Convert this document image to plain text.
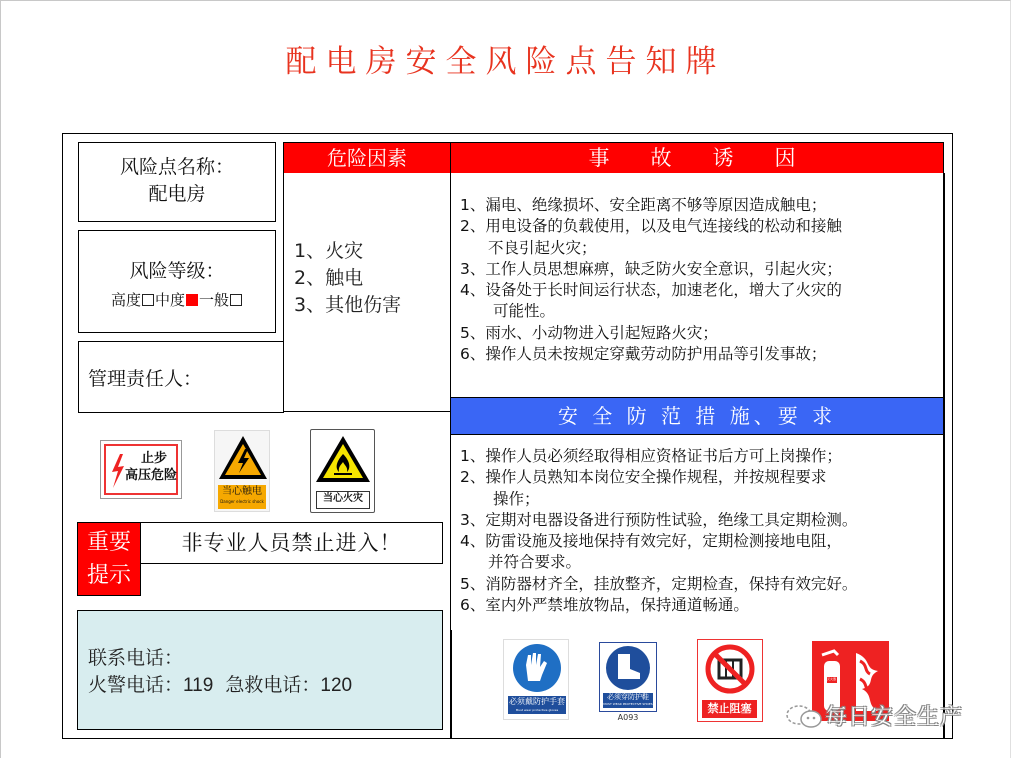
配电房安全风险点告知牌
风险点名称：
配电房
风险等级：
高度 中度 一般
管理责任人：
危险因素
1、火灾
2、触电
3、其他伤害
事　故　诱　因
1、漏电、绝缘损坏、安全距离不够等原因造成触电；
2、用电设备的负载使用，以及电气连接线的松动和接触
不良引起火灾；
3、工作人员思想麻痹，缺乏防火安全意识，引起火灾；
4、设备处于长时间运行状态，加速老化，增大了火灾的
可能性。
5、雨水、小动物进入引起短路火灾；
6、操作人员未按规定穿戴劳动防护用品等引发事故；
安 全 防 范 措 施、要 求
1、操作人员必须经取得相应资格证书后方可上岗操作；
2、操作人员熟知本岗位安全操作规程，并按规程要求
操作；
3、定期对电器设备进行预防性试验，绝缘工具定期检测。
4、防雷设施及接地保持有效完好，定期检测接地电阻，
并符合要求。
5、消防器材齐全，挂放整齐，定期检查，保持有效完好。
6、室内外严禁堆放物品，保持通道畅通。
止步
高压危险
当心触电
Danger electric shock	当心火灾
重要
提示
非专业人员禁止进入！
联系电话：
火警电话：119 急救电话：120
必须戴防护手套
Must wear protective gloves
必须穿防护鞋
MUST WEAR PROTECTIVE SHOES
A093
禁止阻塞
灭火器
每日安全生产
